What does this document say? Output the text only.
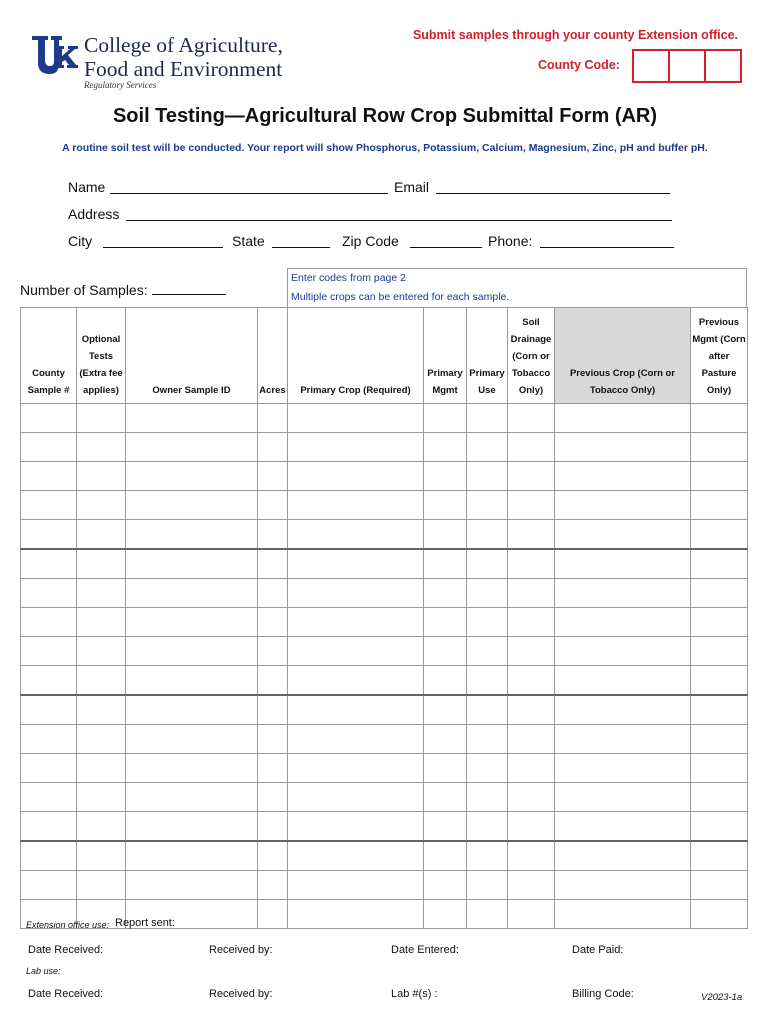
College of Agriculture,
Food and Environment
Regulatory Services
Submit samples through your county Extension office.
County Code:
Soil Testing—Agricultural Row Crop Submittal Form (AR)
A routine soil test will be conducted. Your report will show Phosphorus, Potassium, Calcium, Magnesium, Zinc, pH and buffer pH.
Name	Email
Address
City	State	Zip Code	Phone:
Number of Samples:
Enter codes from page 2
Multiple crops can be entered for each sample.
County Sample #	Optional Tests (Extra fee applies)	Owner Sample ID	Acres	Primary Crop (Required)	Primary Mgmt	Primary Use	Soil Drainage (Corn or Tobacco Only)	Previous Crop (Corn or Tobacco Only)	Previous Mgmt (Corn after Pasture Only)

Extension office use: Report sent:
Date Received:	Received by:	Date Entered:	Date Paid:
Lab use:
Date Received:	Received by:	Lab #(s) :	Billing Code:	V2023-1a
